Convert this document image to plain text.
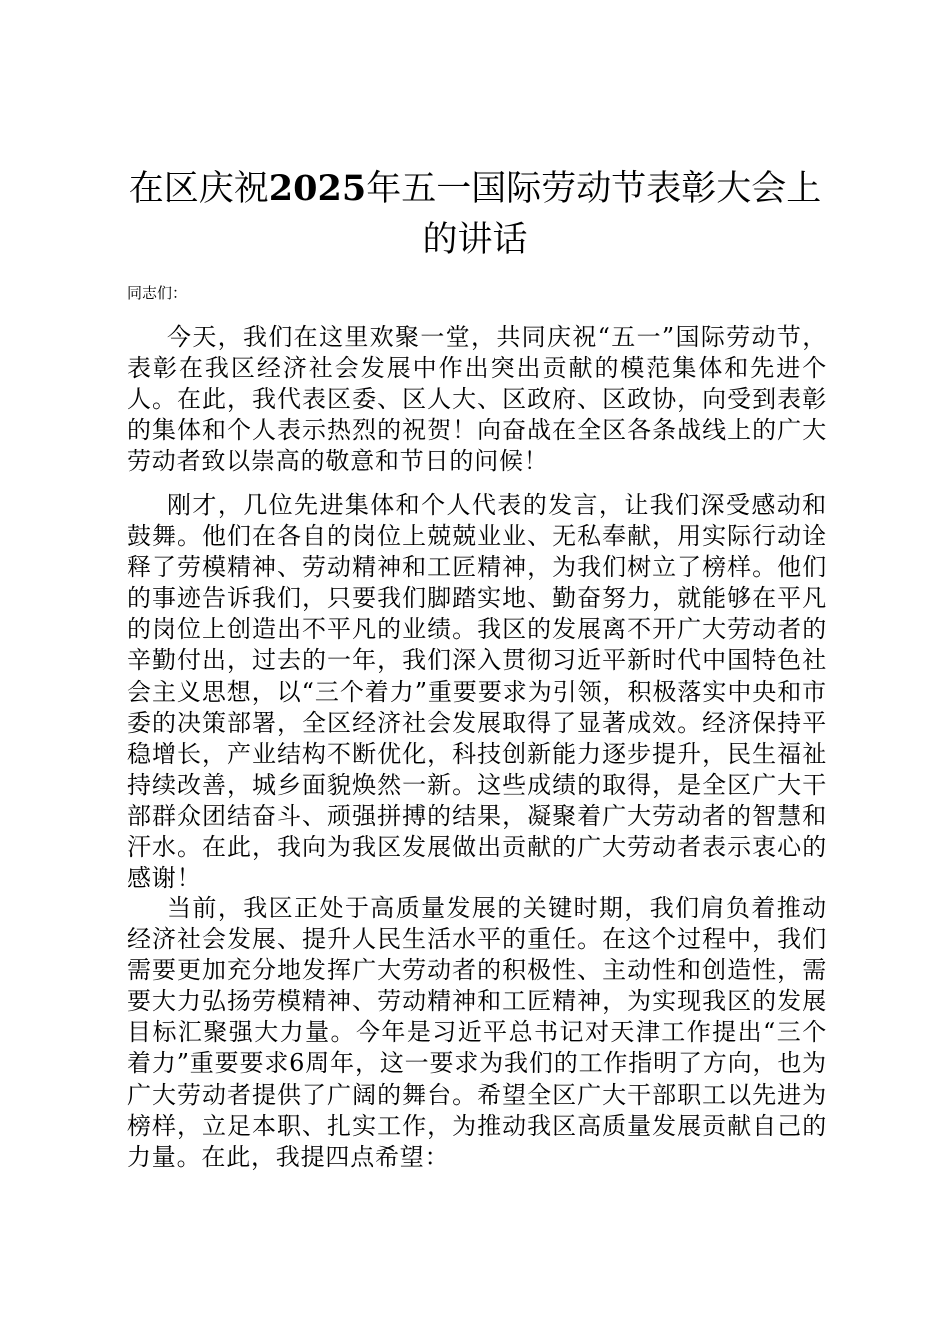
在区庆祝2025年五一国际劳动节表彰大会上的讲话

同志们：

今天，我们在这里欢聚一堂，共同庆祝“五一”国际劳动节，表彰在我区经济社会发展中作出突出贡献的模范集体和先进个人。在此，我代表区委、区人大、区政府、区政协，向受到表彰的集体和个人表示热烈的祝贺！向奋战在全区各条战线上的广大劳动者致以崇高的敬意和节日的问候！

刚才，几位先进集体和个人代表的发言，让我们深受感动和鼓舞。他们在各自的岗位上兢兢业业、无私奉献，用实际行动诠释了劳模精神、劳动精神和工匠精神，为我们树立了榜样。他们的事迹告诉我们，只要我们脚踏实地、勤奋努力，就能够在平凡的岗位上创造出不平凡的业绩。我区的发展离不开广大劳动者的辛勤付出，过去的一年，我们深入贯彻习近平新时代中国特色社会主义思想，以“三个着力”重要要求为引领，积极落实中央和市委的决策部署，全区经济社会发展取得了显著成效。经济保持平稳增长，产业结构不断优化，科技创新能力逐步提升，民生福祉持续改善，城乡面貌焕然一新。这些成绩的取得，是全区广大干部群众团结奋斗、顽强拼搏的结果，凝聚着广大劳动者的智慧和汗水。在此，我向为我区发展做出贡献的广大劳动者表示衷心的感谢！

当前，我区正处于高质量发展的关键时期，我们肩负着推动经济社会发展、提升人民生活水平的重任。在这个过程中，我们需要更加充分地发挥广大劳动者的积极性、主动性和创造性，需要大力弘扬劳模精神、劳动精神和工匠精神，为实现我区的发展目标汇聚强大力量。今年是习近平总书记对天津工作提出“三个着力”重要要求6周年，这一要求为我们的工作指明了方向，也为广大劳动者提供了广阔的舞台。希望全区广大干部职工以先进为榜样，立足本职、扎实工作，为推动我区高质量发展贡献自己的力量。在此，我提四点希望：
